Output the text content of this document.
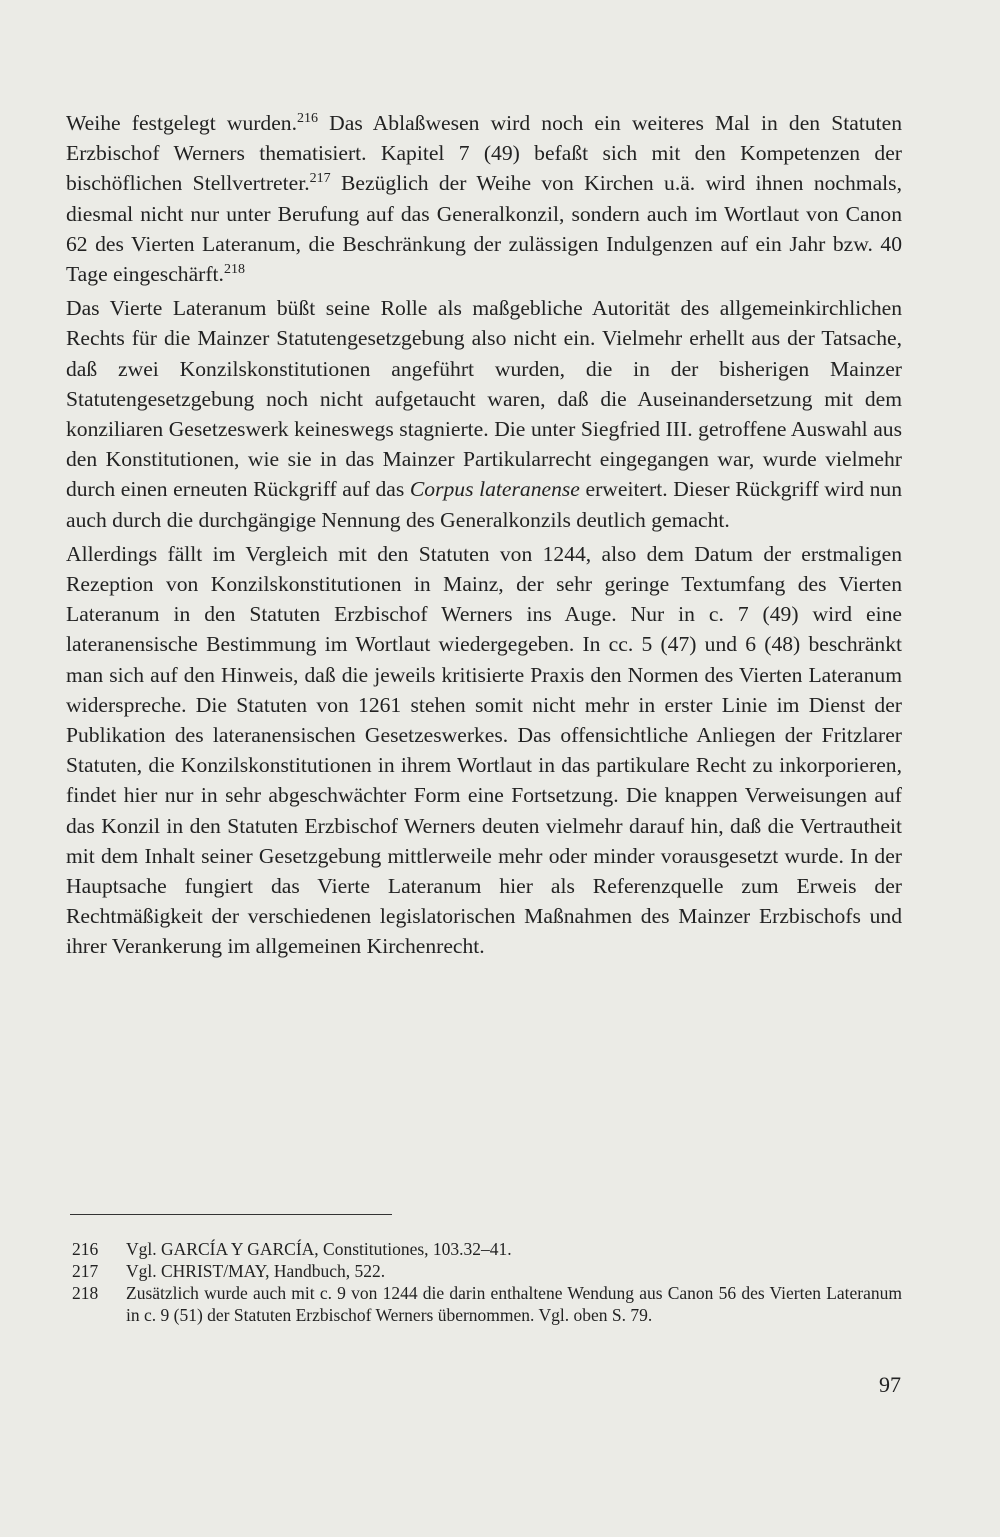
Weihe festgelegt wurden.$^{216}$ Das Ablaßwesen wird noch ein weiteres Mal in den Statuten Erzbischof Werners thematisiert. Kapitel 7 (49) befaßt sich mit den Kompetenzen der bischöflichen Stellvertreter.$^{217}$ Bezüglich der Weihe von Kirchen u.ä. wird ihnen nochmals, diesmal nicht nur unter Berufung auf das Generalkonzil, sondern auch im Wortlaut von Canon 62 des Vierten Lateranum, die Beschränkung der zulässigen Indulgenzen auf ein Jahr bzw. 40 Tage eingeschärft.$^{218}$

Das Vierte Lateranum büßt seine Rolle als maßgebliche Autorität des allgemeinkirchlichen Rechts für die Mainzer Statutengesetzgebung also nicht ein. Vielmehr erhellt aus der Tatsache, daß zwei Konzilskonstitutionen angeführt wurden, die in der bisherigen Mainzer Statutengesetzgebung noch nicht aufgetaucht waren, daß die Auseinandersetzung mit dem konziliaren Gesetzeswerk keineswegs stagnierte. Die unter Siegfried III. getroffene Auswahl aus den Konstitutionen, wie sie in das Mainzer Partikularrecht eingegangen war, wurde vielmehr durch einen erneuten Rückgriff auf das Corpus lateranense erweitert. Dieser Rückgriff wird nun auch durch die durchgängige Nennung des Generalkonzils deutlich gemacht.

Allerdings fällt im Vergleich mit den Statuten von 1244, also dem Datum der erstmaligen Rezeption von Konzilskonstitutionen in Mainz, der sehr geringe Textumfang des Vierten Lateranum in den Statuten Erzbischof Werners ins Auge. Nur in c. 7 (49) wird eine lateranensische Bestimmung im Wortlaut wiedergegeben. In cc. 5 (47) und 6 (48) beschränkt man sich auf den Hinweis, daß die jeweils kritisierte Praxis den Normen des Vierten Lateranum widerspreche. Die Statuten von 1261 stehen somit nicht mehr in erster Linie im Dienst der Publikation des lateranensischen Gesetzeswerkes. Das offensichtliche Anliegen der Fritzlarer Statuten, die Konzilskonstitutionen in ihrem Wortlaut in das partikulare Recht zu inkorporieren, findet hier nur in sehr abgeschwächter Form eine Fortsetzung. Die knappen Verweisungen auf das Konzil in den Statuten Erzbischof Werners deuten vielmehr darauf hin, daß die Vertrautheit mit dem Inhalt seiner Gesetzgebung mittlerweile mehr oder minder vorausgesetzt wurde. In der Hauptsache fungiert das Vierte Lateranum hier als Referenzquelle zum Erweis der Rechtmäßigkeit der verschiedenen legislatorischen Maßnahmen des Mainzer Erzbischofs und ihrer Verankerung im allgemeinen Kirchenrecht.

216	Vgl. GARCÍA Y GARCÍA, Constitutiones, 103.32–41.
217	Vgl. CHRIST/MAY, Handbuch, 522.
218	Zusätzlich wurde auch mit c. 9 von 1244 die darin enthaltene Wendung aus Canon 56 des Vierten Lateranum in c. 9 (51) der Statuten Erzbischof Werners übernommen. Vgl. oben S. 79.
97
